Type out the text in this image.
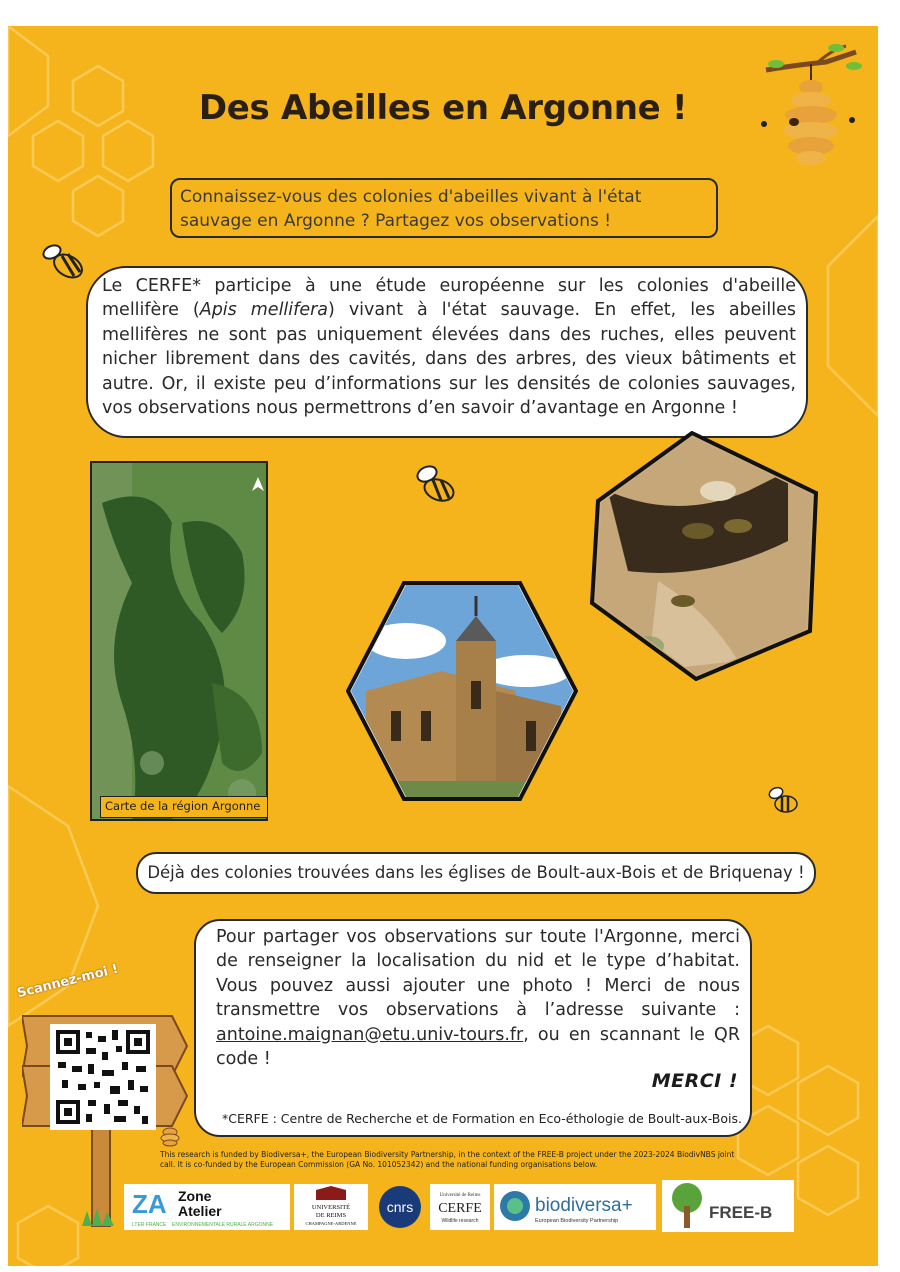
Des Abeilles en Argonne !
Connaissez-vous des colonies d'abeilles vivant à l'état sauvage en Argonne ? Partagez vos observations !
Le CERFE* participe à une étude européenne sur les colonies d'abeille mellifère (Apis mellifera) vivant à l'état sauvage. En effet, les abeilles mellifères ne sont pas uniquement élevées dans des ruches, elles peuvent nicher librement dans des cavités, dans des arbres, des vieux bâtiments et autre. Or, il existe peu d’informations sur les densités de colonies sauvages, vos observations nous permettrons d’en savoir d’avantage en Argonne !
Carte de la région Argonne
Déjà des colonies trouvées dans les églises de Boult-aux-Bois et de Briquenay !
Pour partager vos observations sur toute l'Argonne, merci de renseigner la localisation du nid et le type d’habitat. Vous pouvez aussi ajouter une photo ! Merci de nous transmettre vos observations à l’adresse suivante : antoine.maignan@etu.univ-tours.fr, ou en scannant le QR code !
MERCI !
*CERFE : Centre de Recherche et de Formation en Eco-éthologie de Boult-aux-Bois.
Scannez-moi !
This research is funded by Biodiversa+, the European Biodiversity Partnership, in the context of the FREE-B project under the 2023-2024 BiodivNBS joint call. It is co-funded by the European Commission (GA No. 101052342) and the national funding organisations below.
ZA Zone
Atelier
LTER FRANCE ENVIRONNEMENTALE RURALE ARGONNE
UNIVERSITÉ
DE REIMS
CHAMPAGNE-ARDENNE
cnrs
Université de Reims
CERFE
Wildlife research
biodiversa+
European Biodiversity Partnership	FREE-B
